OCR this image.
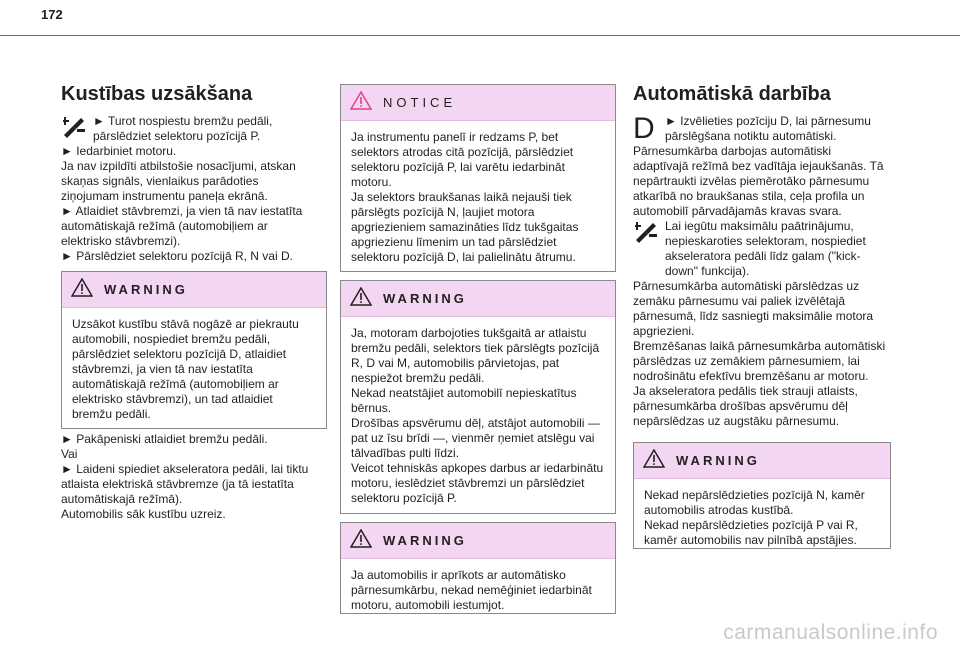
172
Kustības uzsākšana

► Turot nospiestu bremžu pedāli, pārslēdziet selektoru pozīcijā P.

► Iedarbiniet motoru.

Ja nav izpildīti atbilstošie nosacījumi, atskan skaņas signāls, vienlaikus parādoties ziņojumam instrumentu paneļa ekrānā.

► Atlaidiet stāvbremzi, ja vien tā nav iestatīta automātiskajā režīmā (automobiļiem ar elektrisko stāvbremzi).

► Pārslēdziet selektoru pozīcijā R, N vai D.

WARNING
Uzsākot kustību stāvā nogāzē ar piekrautu automobili, nospiediet bremžu pedāli, pārslēdziet selektoru pozīcijā D, atlaidiet stāvbremzi, ja vien tā nav iestatīta automātiskajā režīmā (automobiļiem ar elektrisko stāvbremzi), un tad atlaidiet bremžu pedāli.

► Pakāpeniski atlaidiet bremžu pedāli.

Vai

► Laideni spiediet akseleratora pedāli, lai tiktu atlaista elektriskā stāvbremze (ja tā iestatīta automātiskajā režīmā).

Automobilis sāk kustību uzreiz.

NOTICE
Ja instrumentu panelī ir redzams P, bet selektors atrodas citā pozīcijā, pārslēdziet selektoru pozīcijā P, lai varētu iedarbināt motoru.
Ja selektors braukšanas laikā nejauši tiek pārslēgts pozīcijā N, ļaujiet motora apgriezieniem samazināties līdz tukšgaitas apgriezienu līmenim un tad pārslēdziet selektoru pozīcijā D, lai palielinātu ātrumu.
WARNING
Ja, motoram darbojoties tukšgaitā ar atlaistu bremžu pedāli, selektors tiek pārslēgts pozīcijā R, D vai M, automobilis pārvietojas, pat nespiežot bremžu pedāli.
Nekad neatstājiet automobilī nepieskatītus bērnus.
Drošības apsvērumu dēļ, atstājot automobili — pat uz īsu brīdi —, vienmēr ņemiet atslēgu vai tālvadības pulti līdzi.
Veicot tehniskās apkopes darbus ar iedarbinātu motoru, ieslēdziet stāvbremzi un pārslēdziet selektoru pozīcijā P.
WARNING
Ja automobilis ir aprīkots ar automātisko pārnesumkārbu, nekad nemēģiniet iedarbināt motoru, automobili iestumjot.
Automātiskā darbība
D ► Izvēlieties pozīciju D, lai pārnesumu pārslēgšana notiktu automātiski.

Pārnesumkārba darbojas automātiski adaptīvajā režīmā bez vadītāja iejaukšanās. Tā nepārtraukti izvēlas piemērotāko pārnesumu atkarībā no braukšanas stila, ceļa profila un automobilī pārvadājamās kravas svara.

Lai iegūtu maksimālu paātrinājumu, nepieskaroties selektoram, nospiediet akseleratora pedāli līdz galam ("kick-down" funkcija).

Pārnesumkārba automātiski pārslēdzas uz zemāku pārnesumu vai paliek izvēlētajā pārnesumā, līdz sasniegti maksimālie motora apgriezieni.

Bremzēšanas laikā pārnesumkārba automātiski pārslēdzas uz zemākiem pārnesumiem, lai nodrošinātu efektīvu bremzēšanu ar motoru.

Ja akseleratora pedālis tiek strauji atlaists, pārnesumkārba drošības apsvērumu dēļ nepārslēdzas uz augstāku pārnesumu.

WARNING
Nekad nepārslēdzieties pozīcijā N, kamēr automobilis atrodas kustībā.
Nekad nepārslēdzieties pozīcijā P vai R, kamēr automobilis nav pilnībā apstājies.
carmanualsonline.info
